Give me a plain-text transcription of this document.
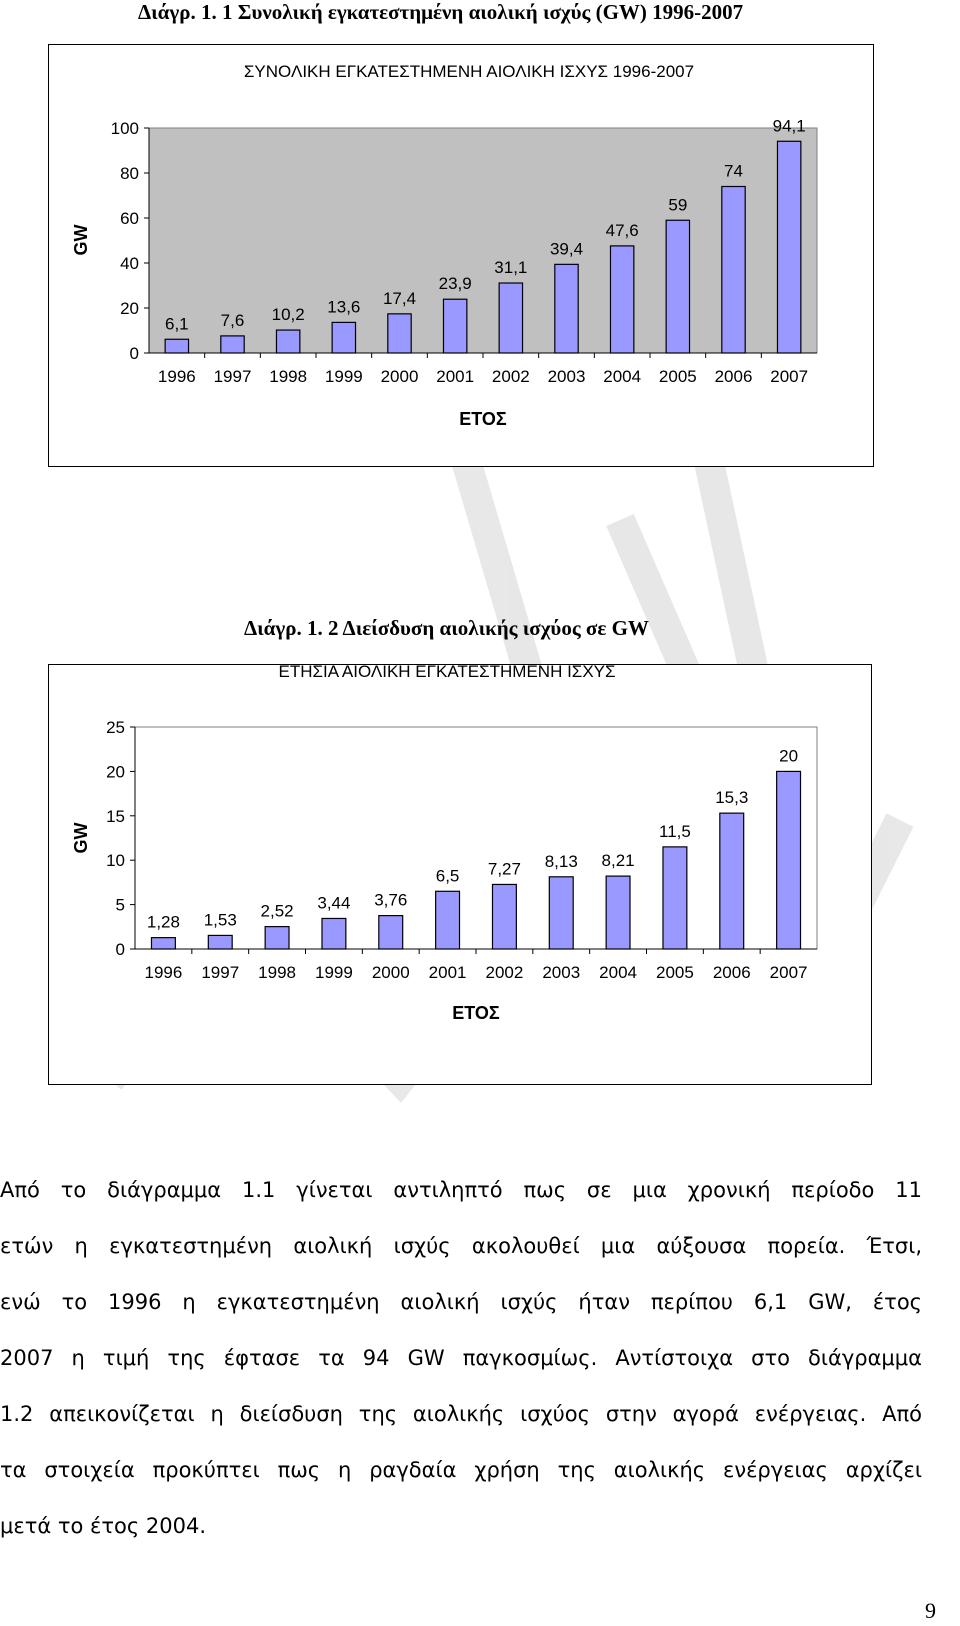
Διάγρ. 1. 1 Συνολική εγκατεστημένη αιολική ισχύς (GW) 1996-2007
ΣΥΝΟΛΙΚΗ ΕΓΚΑΤΕΣΤΗΜΕΝΗ ΑΙΟΛΙΚΗ ΙΣΧΥΣ 1996-2007
0
20
40
60
80
100
6,1
1996
7,6
1997
10,2
1998
13,6
1999
17,4
2000
23,9
2001
31,1
2002
39,4
2003
47,6
2004
59
2005
74
2006
94,1
2007
ΕΤΟΣ
GW
Διάγρ. 1. 2 Διείσδυση αιολικής ισχύος σε GW
ΕΤΗΣΙΑ ΑΙΟΛΙΚΗ ΕΓΚΑΤΕΣΤΗΜΕΝΗ ΙΣΧΥΣ
0
5
10
15
20
25
1,28
1996
1,53
1997
2,52
1998
3,44
1999
3,76
2000
6,5
2001
7,27
2002
8,13
2003
8,21
2004
11,5
2005
15,3
2006
20
2007
ΕΤΟΣ
GW
Από το διάγραμμα 1.1 γίνεται αντιληπτό πως σε μια χρονική περίοδο 11
ετών η εγκατεστημένη αιολική ισχύς ακολουθεί μια αύξουσα πορεία. Έτσι,
ενώ το 1996 η εγκατεστημένη αιολική ισχύς ήταν περίπου 6,1 GW, έτος
2007 η τιμή της έφτασε τα 94 GW παγκοσμίως. Αντίστοιχα στο διάγραμμα
1.2 απεικονίζεται η διείσδυση της αιολικής ισχύος στην αγορά ενέργειας. Από
τα στοιχεία προκύπτει πως η ραγδαία χρήση της αιολικής ενέργειας αρχίζει
μετά το έτος 2004.
9
